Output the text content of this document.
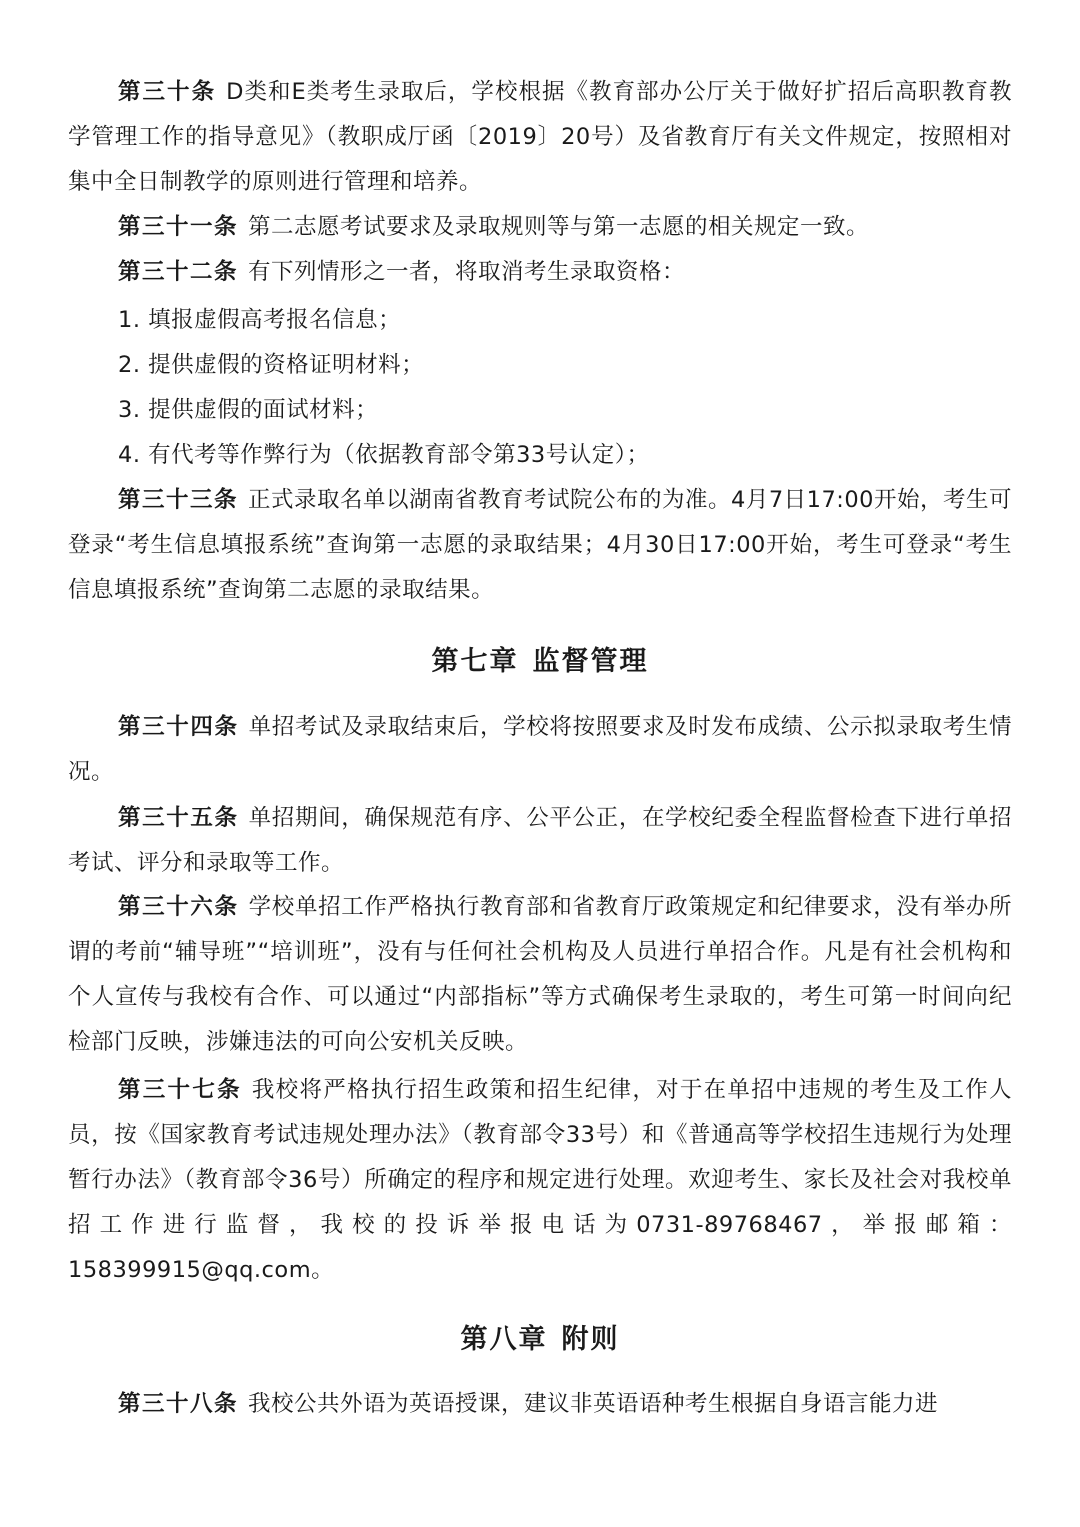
第三十条 D类和E类考生录取后，学校根据《教育部办公厅关于做好扩招后高职教育教学管理工作的指导意见》（教职成厅函〔2019〕20号）及省教育厅有关文件规定，按照相对集中全日制教学的原则进行管理和培养。
第三十一条 第二志愿考试要求及录取规则等与第一志愿的相关规定一致。
第三十二条 有下列情形之一者，将取消考生录取资格：
1. 填报虚假高考报名信息；
2. 提供虚假的资格证明材料；
3. 提供虚假的面试材料；
4. 有代考等作弊行为（依据教育部令第33号认定）；
第三十三条 正式录取名单以湖南省教育考试院公布的为准。4月7日17:00开始，考生可登录“考生信息填报系统”查询第一志愿的录取结果；4月30日17:00开始，考生可登录“考生信息填报系统”查询第二志愿的录取结果。
第七章 监督管理
第三十四条 单招考试及录取结束后，学校将按照要求及时发布成绩、公示拟录取考生情况。
第三十五条 单招期间，确保规范有序、公平公正，在学校纪委全程监督检查下进行单招考试、评分和录取等工作。
第三十六条 学校单招工作严格执行教育部和省教育厅政策规定和纪律要求，没有举办所谓的考前“辅导班”“培训班”，没有与任何社会机构及人员进行单招合作。凡是有社会机构和个人宣传与我校有合作、可以通过“内部指标”等方式确保考生录取的，考生可第一时间向纪检部门反映，涉嫌违法的可向公安机关反映。
第三十七条 我校将严格执行招生政策和招生纪律，对于在单招中违规的考生及工作人员，按《国家教育考试违规处理办法》（教育部令33号）和《普通高等学校招生违规行为处理暂行办法》（教育部令36号）所确定的程序和规定进行处理。欢迎考生、家长及社会对我校单招工作进行监督，我校的投诉举报电话为0731-89768467，举报邮箱：158399915@qq.com。
第八章 附则
第三十八条 我校公共外语为英语授课，建议非英语语种考生根据自身语言能力进
